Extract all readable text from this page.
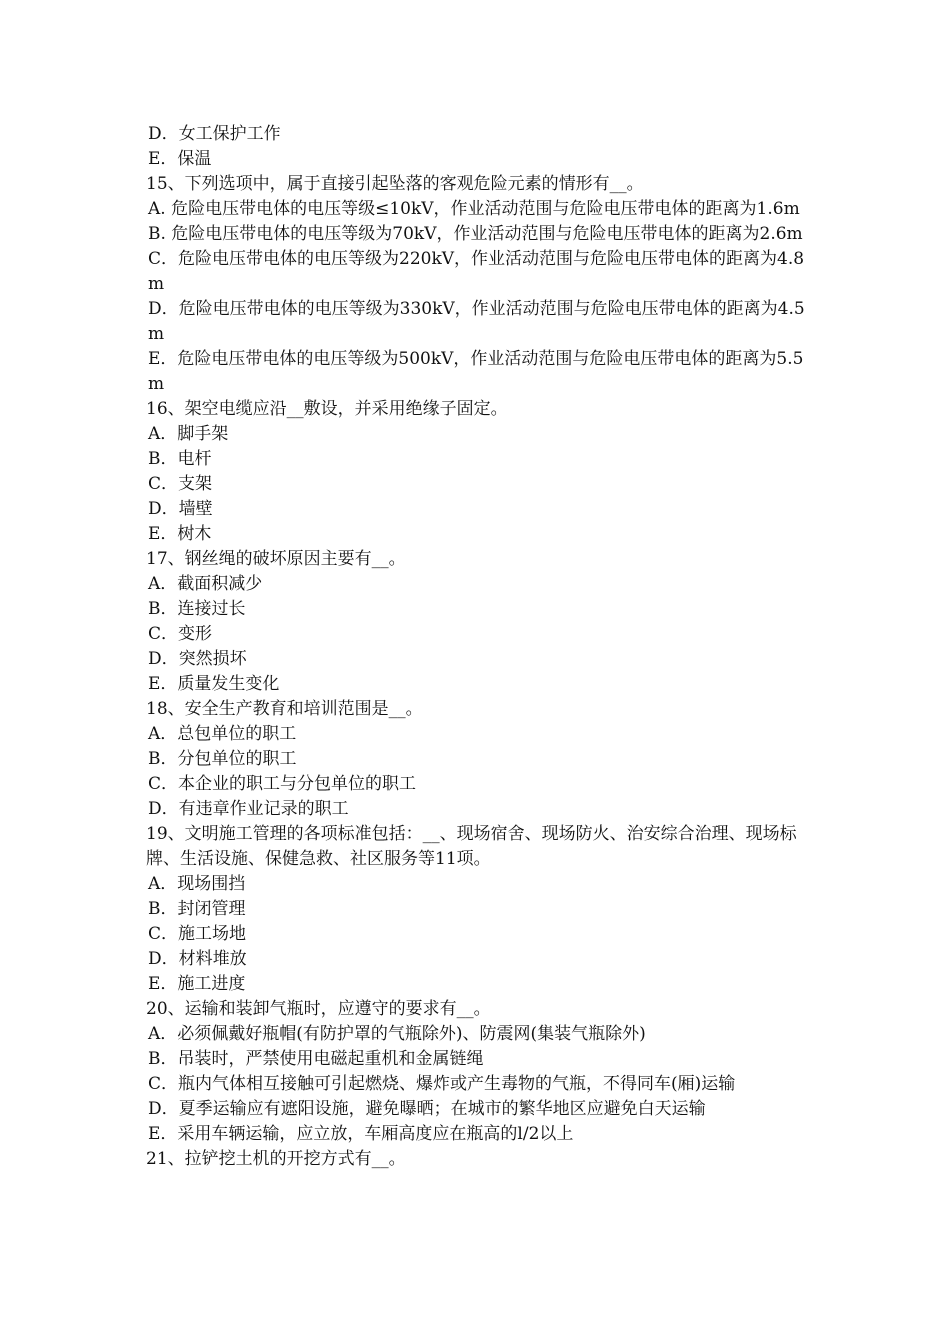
D．女工保护工作
E．保温
15、下列选项中，属于直接引起坠落的客观危险元素的情形有__。
A. 危险电压带电体的电压等级≤10kV，作业活动范围与危险电压带电体的距离为1.6m
B. 危险电压带电体的电压等级为70kV，作业活动范围与危险电压带电体的距离为2.6m
C．危险电压带电体的电压等级为220kV，作业活动范围与危险电压带电体的距离为4.8m
D．危险电压带电体的电压等级为330kV，作业活动范围与危险电压带电体的距离为4.5m
E．危险电压带电体的电压等级为500kV，作业活动范围与危险电压带电体的距离为5.5m
16、架空电缆应沿__敷设，并采用绝缘子固定。
A．脚手架
B．电杆
C．支架
D．墙壁
E．树木
17、钢丝绳的破坏原因主要有__。
A．截面积减少
B．连接过长
C．变形
D．突然损坏
E．质量发生变化
18、安全生产教育和培训范围是__。
A．总包单位的职工
B．分包单位的职工
C．本企业的职工与分包单位的职工
D．有违章作业记录的职工
19、文明施工管理的各项标准包括：__、现场宿舍、现场防火、治安综合治理、现场标牌、生活设施、保健急救、社区服务等11项。
A．现场围挡
B．封闭管理
C．施工场地
D．材料堆放
E．施工进度
20、运输和装卸气瓶时，应遵守的要求有__。
A．必须佩戴好瓶帽(有防护罩的气瓶除外)、防震网(集装气瓶除外)
B．吊装时，严禁使用电磁起重机和金属链绳
C．瓶内气体相互接触可引起燃烧、爆炸或产生毒物的气瓶，不得同车(厢)运输
D．夏季运输应有遮阳设施，避免曝晒；在城市的繁华地区应避免白天运输
E．采用车辆运输，应立放，车厢高度应在瓶高的l/2以上
21、拉铲挖土机的开挖方式有__。
